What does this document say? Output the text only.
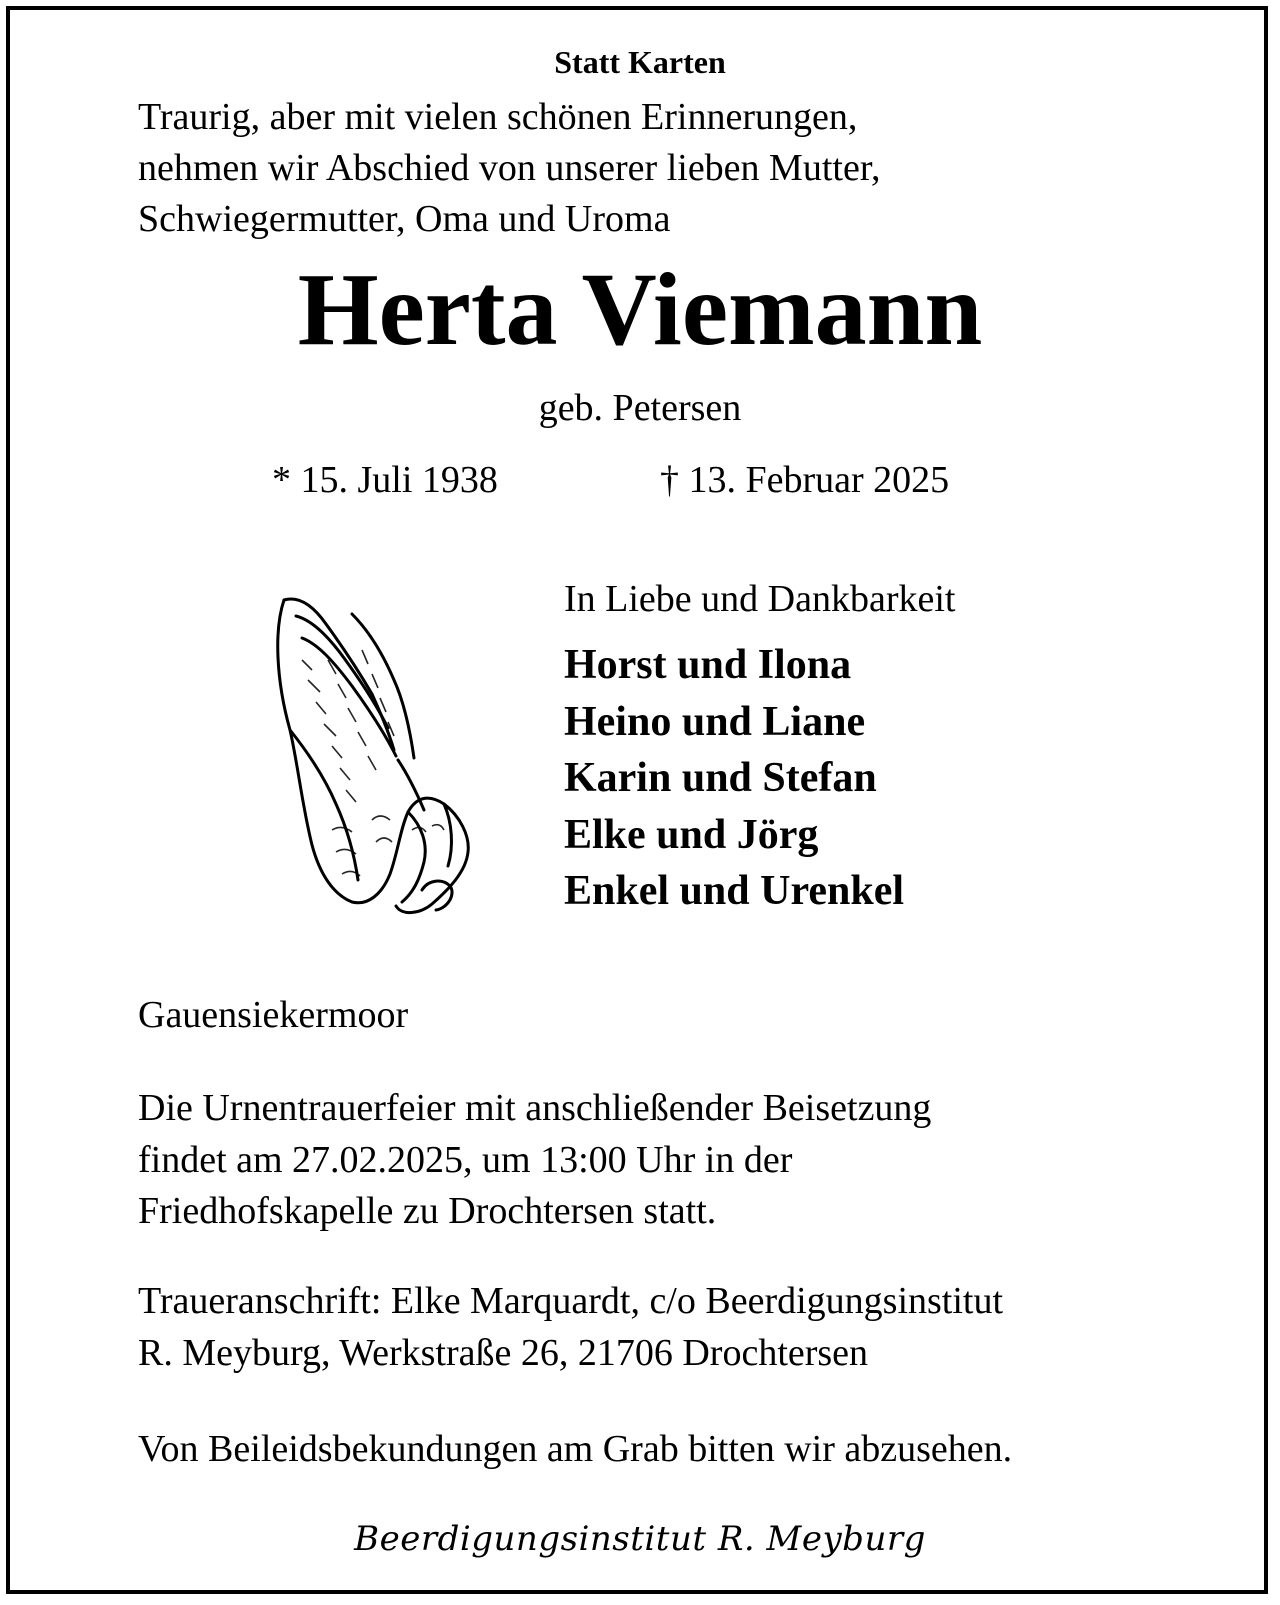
Statt Karten

Traurig, aber mit vielen schönen Erinnerungen,
nehmen wir Abschied von unserer lieben Mutter,
Schwiegermutter, Oma und Uroma

Herta Viemann

geb. Petersen

* 15. Juli 1938	† 13. Februar 2025

In Liebe und Dankbarkeit

Horst und Ilona
Heino und Liane
Karin und Stefan
Elke und Jörg
Enkel und Urenkel

Gauensiekermoor

Die Urnentrauerfeier mit anschließender Beisetzung
findet am 27.02.2025, um 13:00 Uhr in der
Friedhofskapelle zu Drochtersen statt.
Traueranschrift: Elke Marquardt, c/o Beerdigungsinstitut
R. Meyburg, Werkstraße 26, 21706 Drochtersen

Von Beileidsbekundungen am Grab bitten wir abzusehen.

Beerdigungsinstitut R. Meyburg
